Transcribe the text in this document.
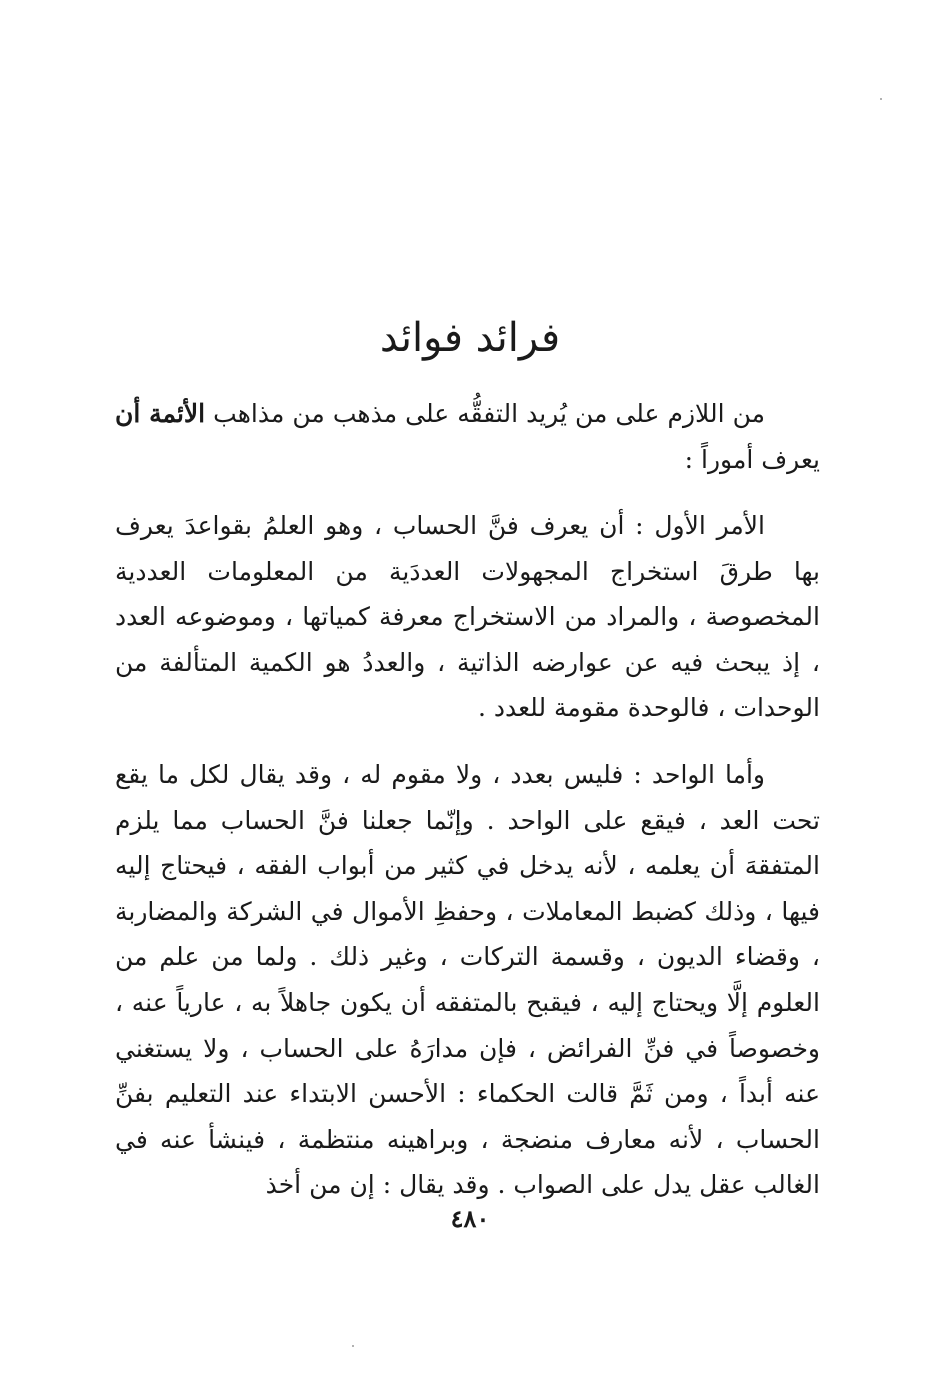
فرائد فوائد

من اللازم على من يُريد التفقُّه على مذهب من مذاهب الأئمة أن يعرف أموراً :

الأمر الأول : أن يعرف فنَّ الحساب ، وهو العلمُ بقواعدَ يعرف بها طرقَ استخراج المجهولات العددَية من المعلومات العددية المخصوصة ، والمراد من الاستخراج معرفة كمياتها ، وموضوعه العدد ، إذ يبحث فيه عن عوارضه الذاتية ، والعددُ هو الكمية المتألفة من الوحدات ، فالوحدة مقومة للعدد .

وأما الواحد : فليس بعدد ، ولا مقوم له ، وقد يقال لكل ما يقع تحت العد ، فيقع على الواحد . وإنّما جعلنا فنَّ الحساب مما يلزم المتفقهَ أن يعلمه ، لأنه يدخل في كثير من أبواب الفقه ، فيحتاج إليه فيها ، وذلك كضبط المعاملات ، وحفظِ الأموال في الشركة والمضاربة ، وقضاء الديون ، وقسمة التركات ، وغير ذلك . ولما من علم من العلوم إلَّا ويحتاج إليه ، فيقبح بالمتفقه أن يكون جاهلاً به ، عارياً عنه ، وخصوصاً في فنِّ الفرائض ، فإن مدارَهُ على الحساب ، ولا يستغني عنه أبداً ، ومن ثَمَّ قالت الحكماء : الأحسن الابتداء عند التعليم بفنِّ الحساب ، لأنه معارف منضجة ، وبراهينه منتظمة ، فينشأ عنه في الغالب عقل يدل على الصواب . وقد يقال : إن من أخذ

٤٨٠
